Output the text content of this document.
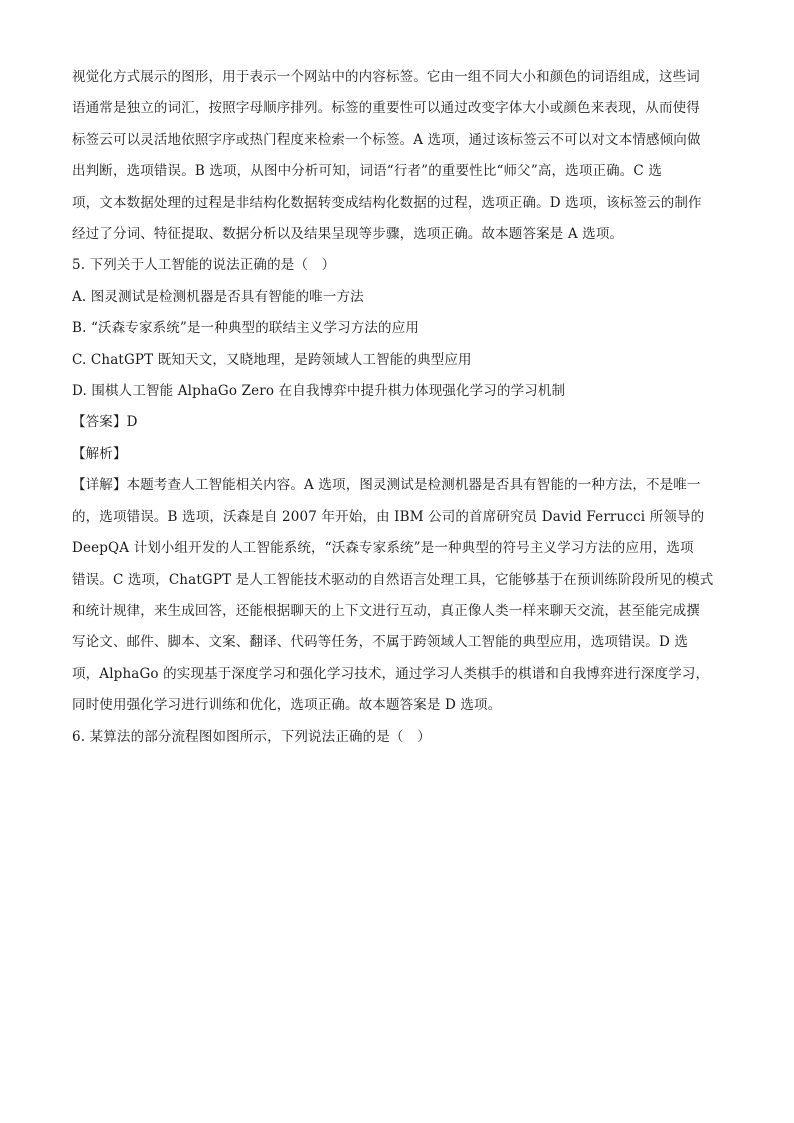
视觉化方式展示的图形，用于表示一个网站中的内容标签。它由一组不同大小和颜色的词语组成，这些词
语通常是独立的词汇，按照字母顺序排列。标签的重要性可以通过改变字体大小或颜色来表现，从而使得
标签云可以灵活地依照字序或热门程度来检索一个标签。A 选项，通过该标签云不可以对文本情感倾向做
出判断，选项错误。B 选项，从图中分析可知，词语“行者”的重要性比“师父”高，选项正确。C 选
项，文本数据处理的过程是非结构化数据转变成结构化数据的过程，选项正确。D 选项，该标签云的制作
经过了分词、特征提取、数据分析以及结果呈现等步骤，选项正确。故本题答案是 A 选项。
5. 下列关于人工智能的说法正确的是（　）
A. 图灵测试是检测机器是否具有智能的唯一方法
B. “沃森专家系统”是一种典型的联结主义学习方法的应用
C. ChatGPT 既知天文，又晓地理，是跨领域人工智能的典型应用
D. 围棋人工智能 AlphaGo Zero 在自我博弈中提升棋力体现强化学习的学习机制
【答案】D
【解析】
【详解】本题考查人工智能相关内容。A 选项，图灵测试是检测机器是否具有智能的一种方法，不是唯一
的，选项错误。B 选项，沃森是自 2007 年开始，由 IBM 公司的首席研究员 David Ferrucci 所领导的
DeepQA 计划小组开发的人工智能系统，“沃森专家系统”是一种典型的符号主义学习方法的应用，选项
错误。C 选项，ChatGPT 是人工智能技术驱动的自然语言处理工具，它能够基于在预训练阶段所见的模式
和统计规律，来生成回答，还能根据聊天的上下文进行互动，真正像人类一样来聊天交流，甚至能完成撰
写论文、邮件、脚本、文案、翻译、代码等任务，不属于跨领域人工智能的典型应用，选项错误。D 选
项，AlphaGo 的实现基于深度学习和强化学习技术，通过学习人类棋手的棋谱和自我博弈进行深度学习，
同时使用强化学习进行训练和优化，选项正确。故本题答案是 D 选项。
6. 某算法的部分流程图如图所示，下列说法正确的是（　）
